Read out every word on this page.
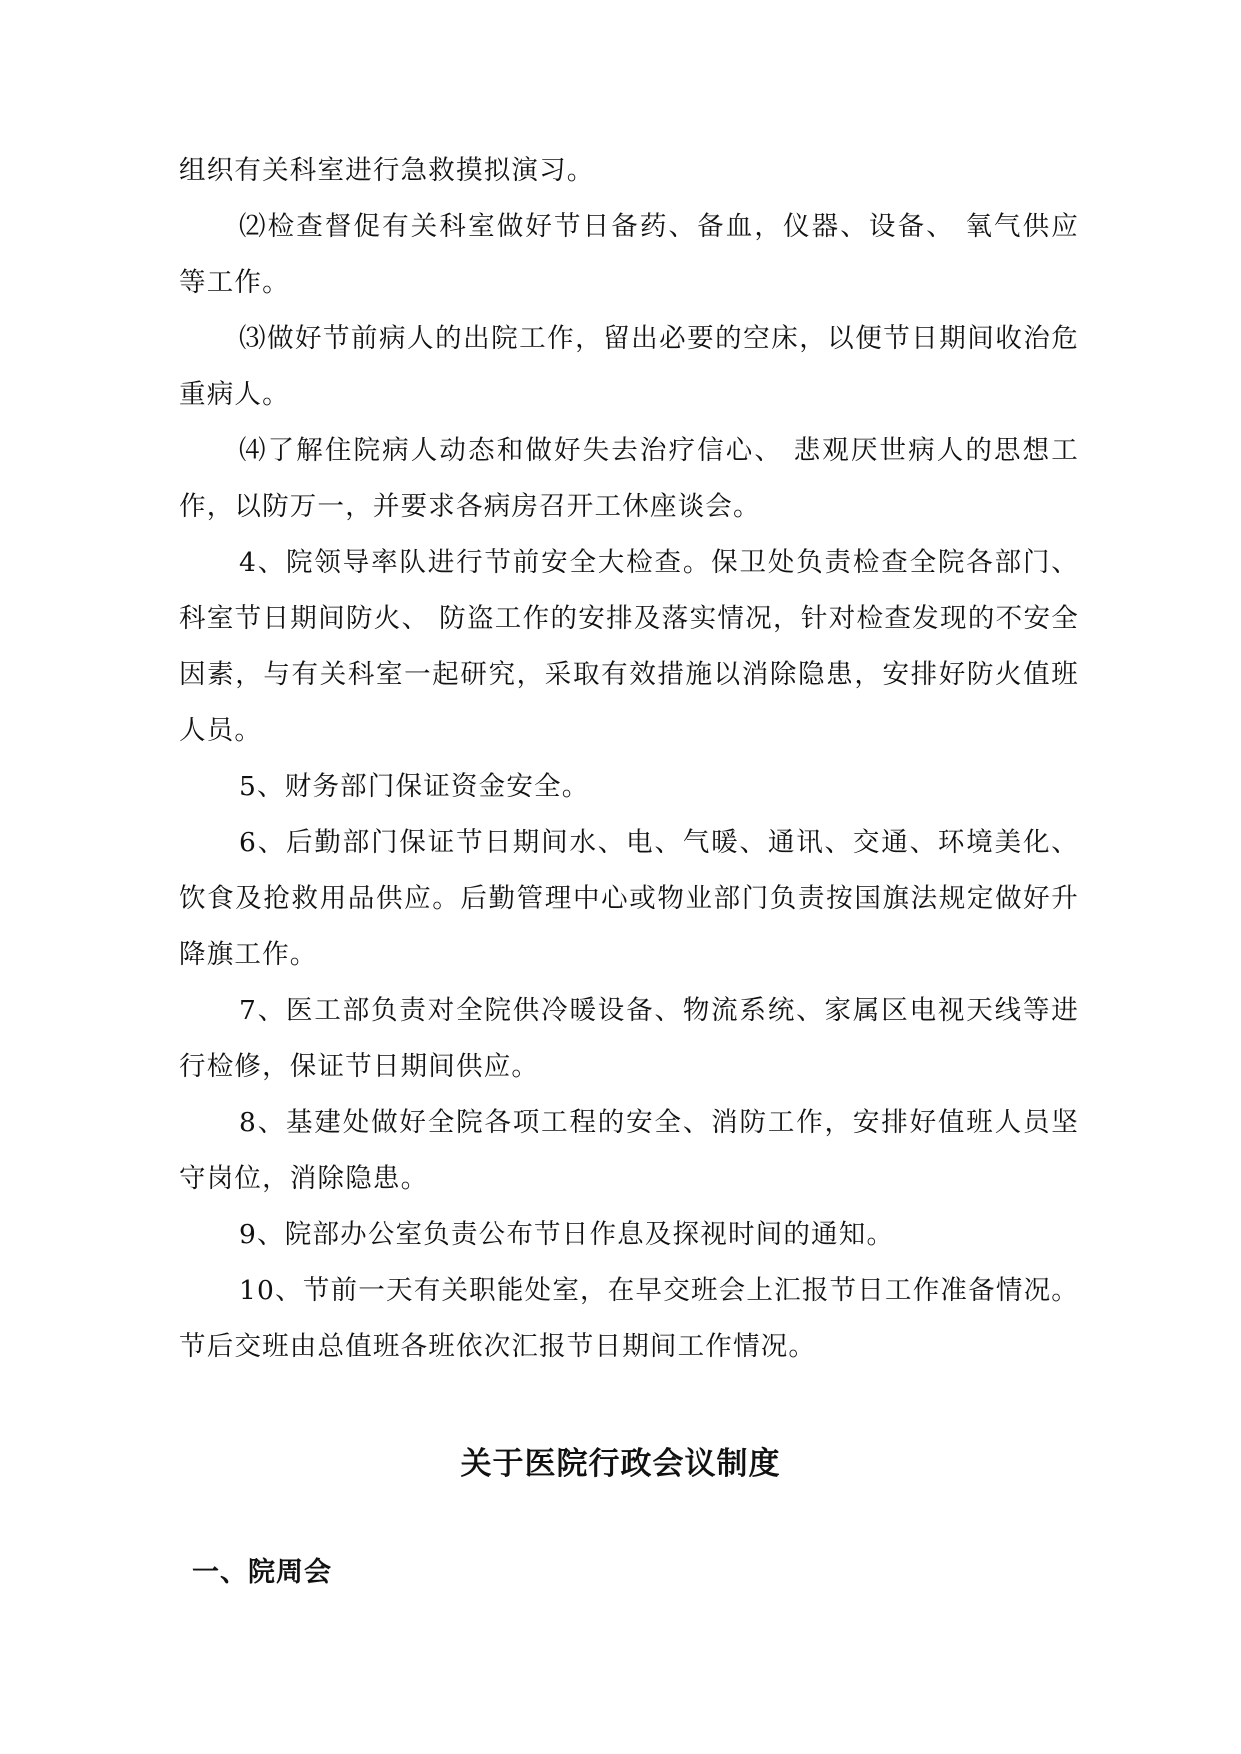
组织有关科室进行急救摸拟演习。

⑵检查督促有关科室做好节日备药、备血，仪器、设备、 氧气供应等工作。

⑶做好节前病人的出院工作，留出必要的空床，以便节日期间收治危重病人。

⑷了解住院病人动态和做好失去治疗信心、 悲观厌世病人的思想工作，以防万一，并要求各病房召开工休座谈会。

4、院领导率队进行节前安全大检查。保卫处负责检查全院各部门、科室节日期间防火、 防盗工作的安排及落实情况，针对检查发现的不安全因素，与有关科室一起研究，采取有效措施以消除隐患，安排好防火值班人员。

5、财务部门保证资金安全。

6、后勤部门保证节日期间水、电、气暖、通讯、交通、环境美化、饮食及抢救用品供应。后勤管理中心或物业部门负责按国旗法规定做好升降旗工作。

7、医工部负责对全院供冷暖设备、物流系统、家属区电视天线等进行检修，保证节日期间供应。

8、基建处做好全院各项工程的安全、消防工作，安排好值班人员坚守岗位，消除隐患。

9、院部办公室负责公布节日作息及探视时间的通知。

10、节前一天有关职能处室，在早交班会上汇报节日工作准备情况。节后交班由总值班各班依次汇报节日期间工作情况。

关于医院行政会议制度
一、院周会
